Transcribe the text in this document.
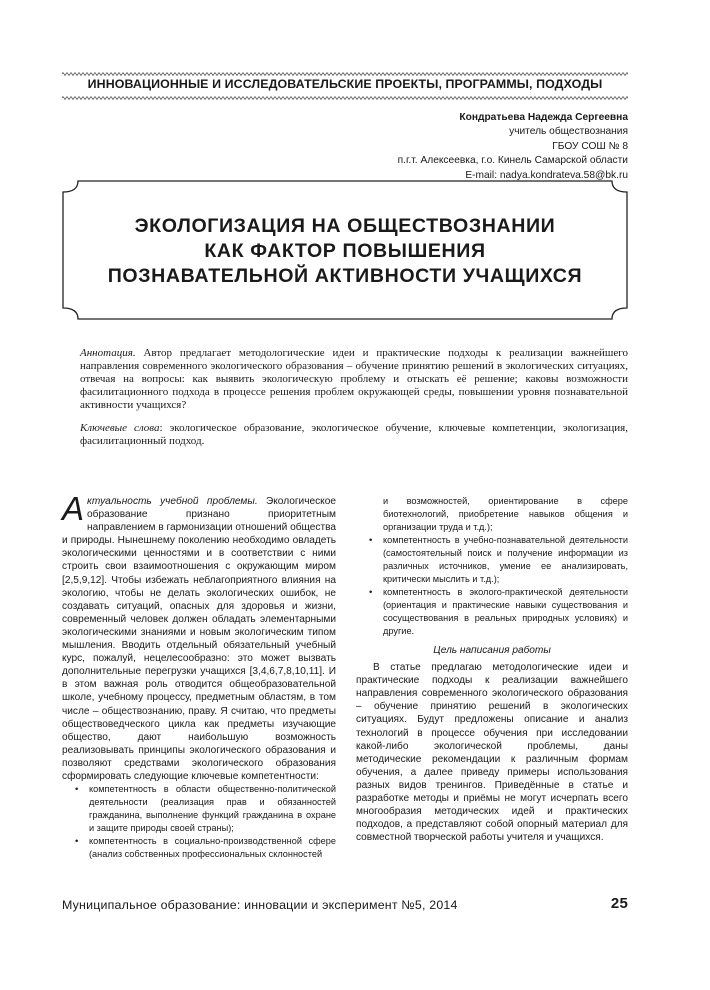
ИННОВАЦИОННЫЕ И ИССЛЕДОВАТЕЛЬСКИЕ ПРОЕКТЫ, ПРОГРАММЫ, ПОДХОДЫ
Кондратьева Надежда Сергеевна
учитель обществознания
ГБОУ СОШ № 8
п.г.т. Алексеевка, г.о. Кинель Самарской области
E-mail: nadya.kondrateva.58@bk.ru
ЭКОЛОГИЗАЦИЯ НА ОБЩЕСТВОЗНАНИИ
КАК ФАКТОР ПОВЫШЕНИЯ
ПОЗНАВАТЕЛЬНОЙ АКТИВНОСТИ УЧАЩИХСЯ
Аннотация. Автор предлагает методологические идеи и практические подходы к реализации важнейшего направления современного экологического образования – обучение принятию решений в экологических ситуациях, отвечая на вопросы: как выявить экологическую проблему и отыскать её решение; каковы возможности фасилитационного подхода в процессе решения проблем окружающей среды, повышении уровня познавательной активности учащихся?
Ключевые слова: экологическое образование, экологическое обучение, ключевые компетенции, экологизация, фасилитационный подход.
Актуальность учебной проблемы. Экологическое образование признано приоритетным направлением в гармонизации отношений общества и природы. Нынешнему поколению необходимо овладеть экологическими ценностями и в соответствии с ними строить свои взаимоотношения с окружающим миром [2,5,9,12]. Чтобы избежать неблагоприятного влияния на экологию, чтобы не делать экологических ошибок, не создавать ситуаций, опасных для здоровья и жизни, современный человек должен обладать элементарными экологическими знаниями и новым экологическим типом мышления. Вводить отдельный обязательный учебный курс, пожалуй, нецелесообразно: это может вызвать дополнительные перегрузки учащихся [3,4,6,7,8,10,11]. И в этом важная роль отводится общеобразовательной школе, учебному процессу, предметным областям, в том числе – обществознанию, праву. Я считаю, что предметы обществоведческого цикла как предметы изучающие общество, дают наибольшую возможность реализовывать принципы экологического образования и позволяют средствами экологического образования сформировать следующие ключевые компетентности:
• компетентность в области общественно-политической деятельности (реализация прав и обязанностей гражданина, выполнение функций гражданина в охране и защите природы своей страны);
• компетентность в социально-производственной сфере (анализ собственных профессиональных склонностей
и возможностей, ориентирование в сфере биотехнологий, приобретение навыков общения и организации труда и т.д.);
• компетентность в учебно-познавательной деятельности (самостоятельный поиск и получение информации из различных источников, умение ее анализировать, критически мыслить и т.д.);
• компетентность в эколого-практической деятельности (ориентация и практические навыки существования и сосуществования в реальных природных условиях) и другие.
Цель написания работы
В статье предлагаю методологические идеи и практические подходы к реализации важнейшего направления современного экологического образования – обучение принятию решений в экологических ситуациях. Будут предложены описание и анализ технологий в процессе обучения при исследовании какой-либо экологической проблемы, даны методические рекомендации к различным формам обучения, а далее приведу примеры использования разных видов тренингов. Приведённые в статье и разработке методы и приёмы не могут исчерпать всего многообразия методических идей и практических подходов, а представляют собой опорный материал для совместной творческой работы учителя и учащихся.
Муниципальное образование: инновации и эксперимент №5, 2014	25
